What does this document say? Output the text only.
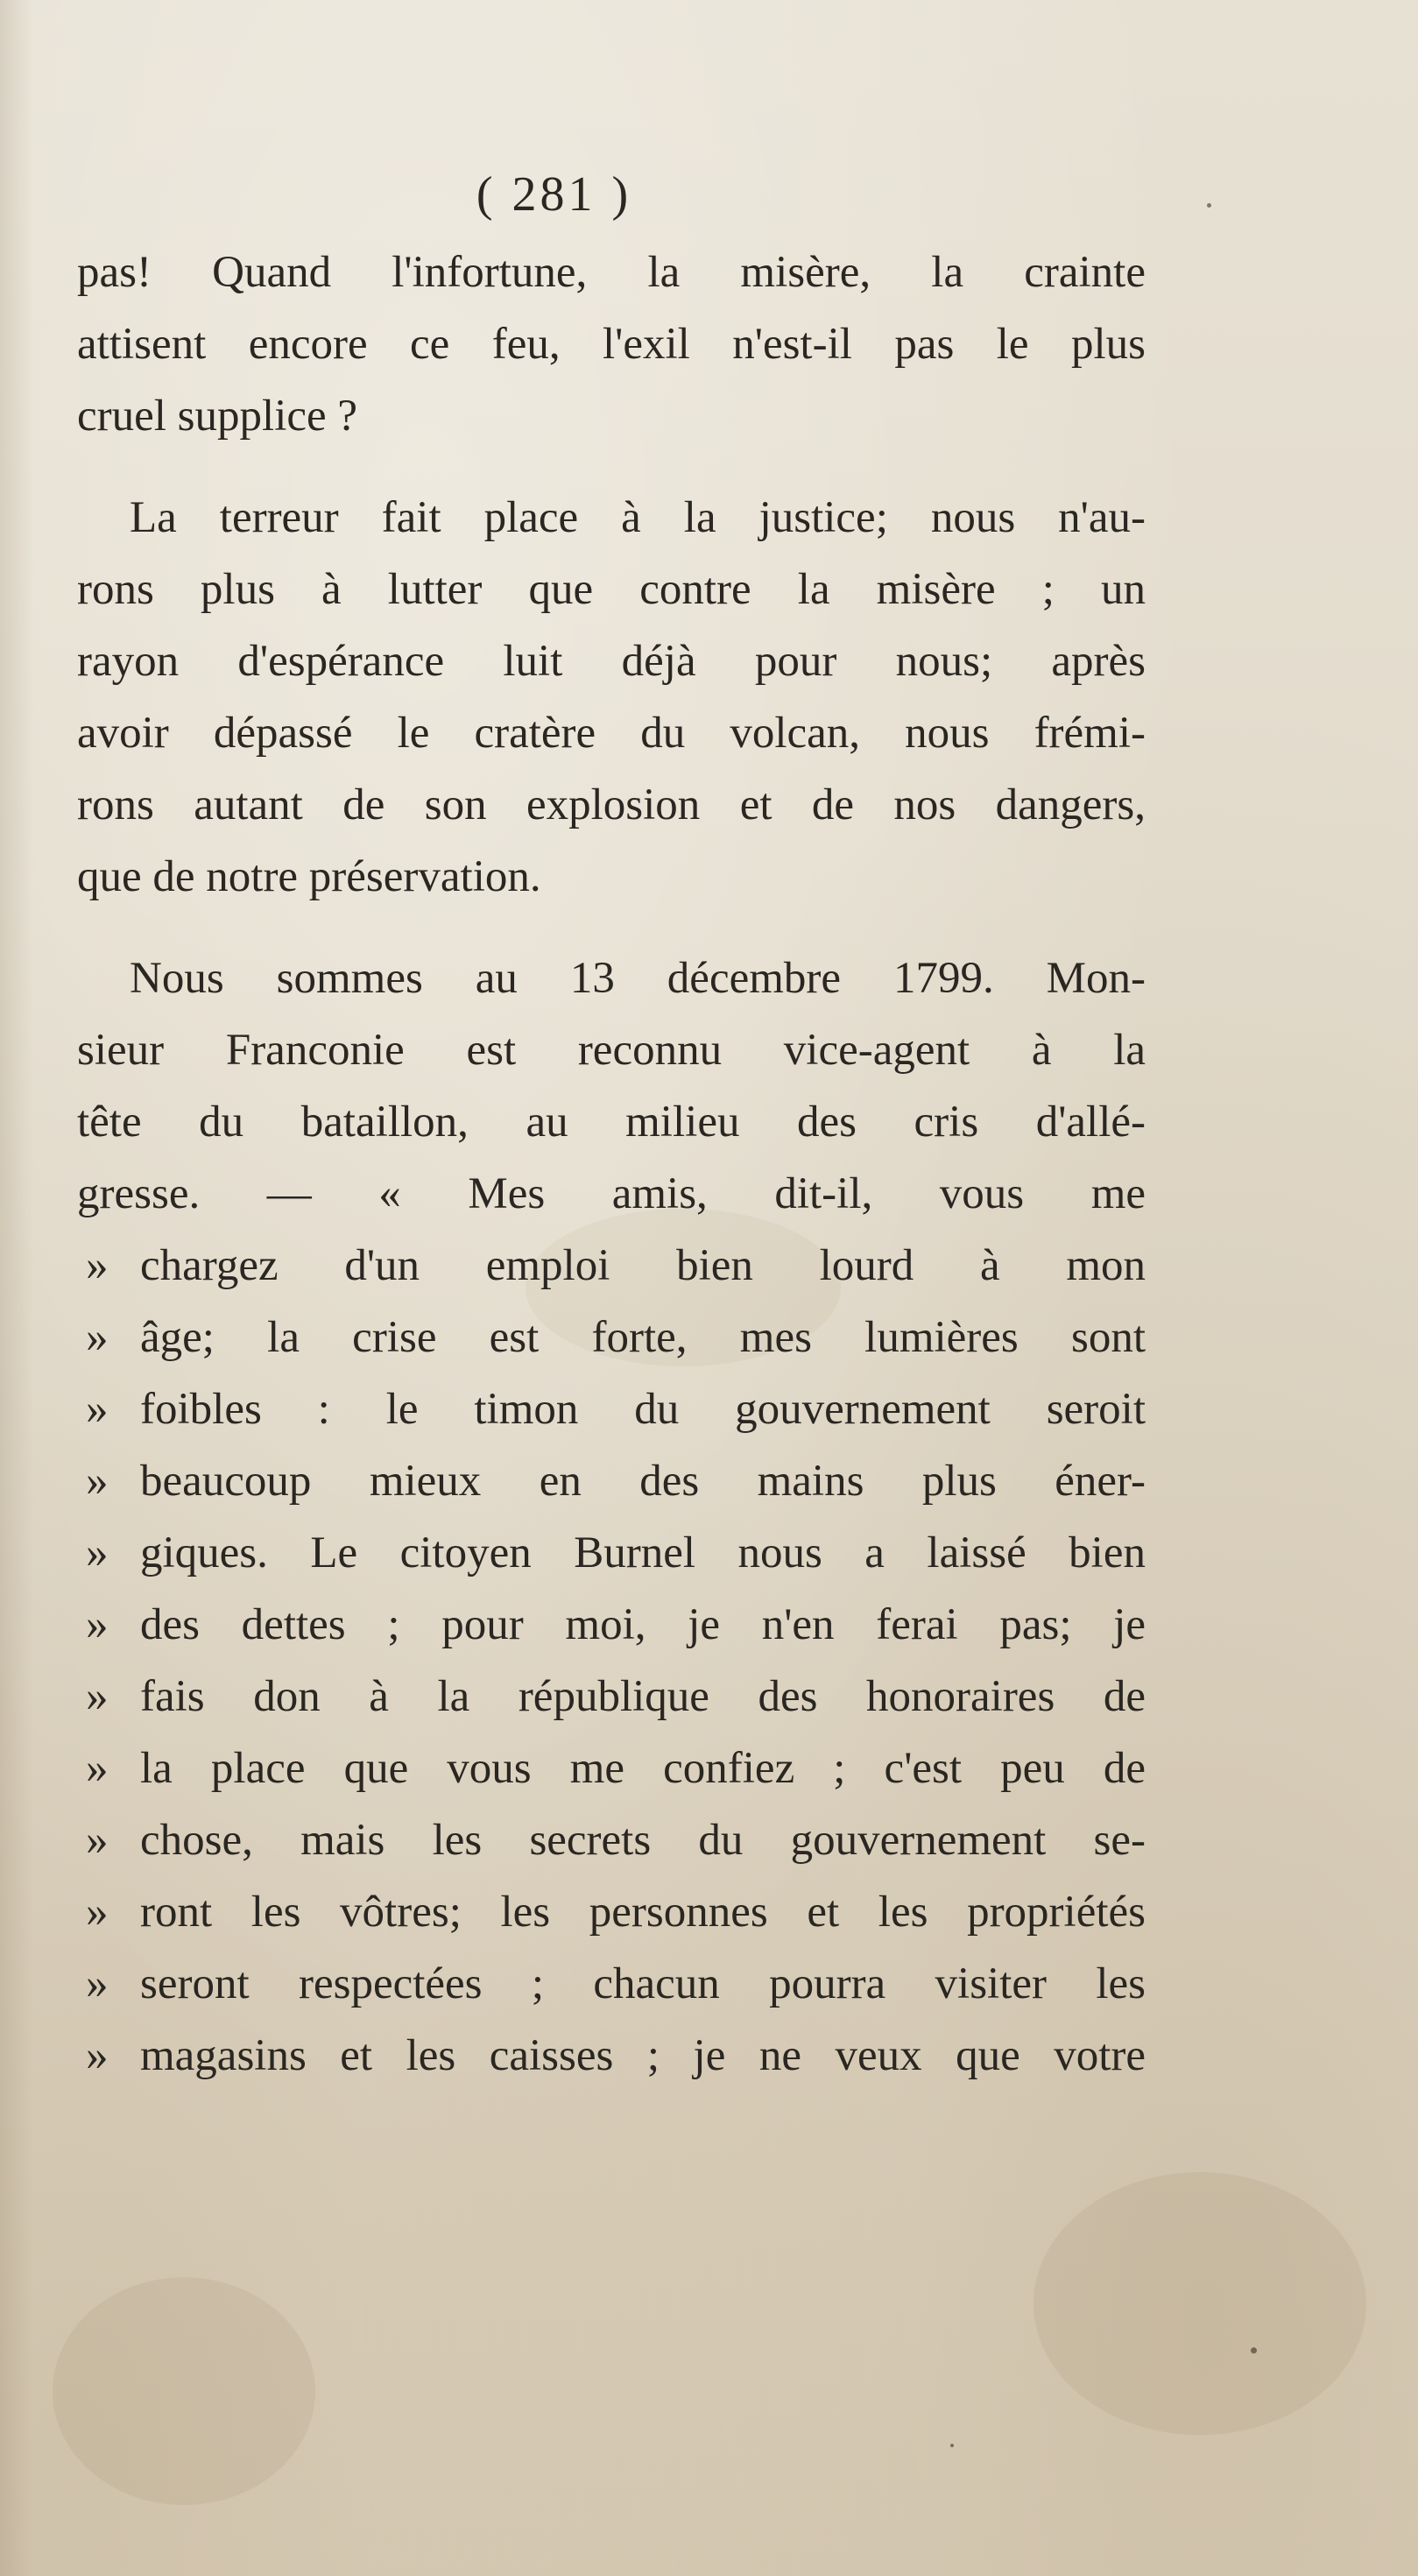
( 281 )

pas! Quand l'infortune, la misère, la crainte
attisent encore ce feu, l'exil n'est-il pas le plus
cruel supplice ?

La terreur fait place à la justice; nous n'au-
rons plus à lutter que contre la misère ; un
rayon d'espérance luit déjà pour nous; après
avoir dépassé le cratère du volcan, nous frémi-
rons autant de son explosion et de nos dangers,
que de notre préservation.

Nous sommes au 13 décembre 1799. Mon-
sieur Franconie est reconnu vice-agent à la
tête du bataillon, au milieu des cris d'allé-
gresse. — « Mes amis, dit-il, vous me
» chargez d'un emploi bien lourd à mon
» âge; la crise est forte, mes lumières sont
» foibles : le timon du gouvernement seroit
» beaucoup mieux en des mains plus éner-
» giques. Le citoyen Burnel nous a laissé bien
» des dettes ; pour moi, je n'en ferai pas; je
» fais don à la république des honoraires de
» la place que vous me confiez ; c'est peu de
» chose, mais les secrets du gouvernement se-
» ront les vôtres; les personnes et les propriétés
» seront respectées ; chacun pourra visiter les
» magasins et les caisses ; je ne veux que votre
